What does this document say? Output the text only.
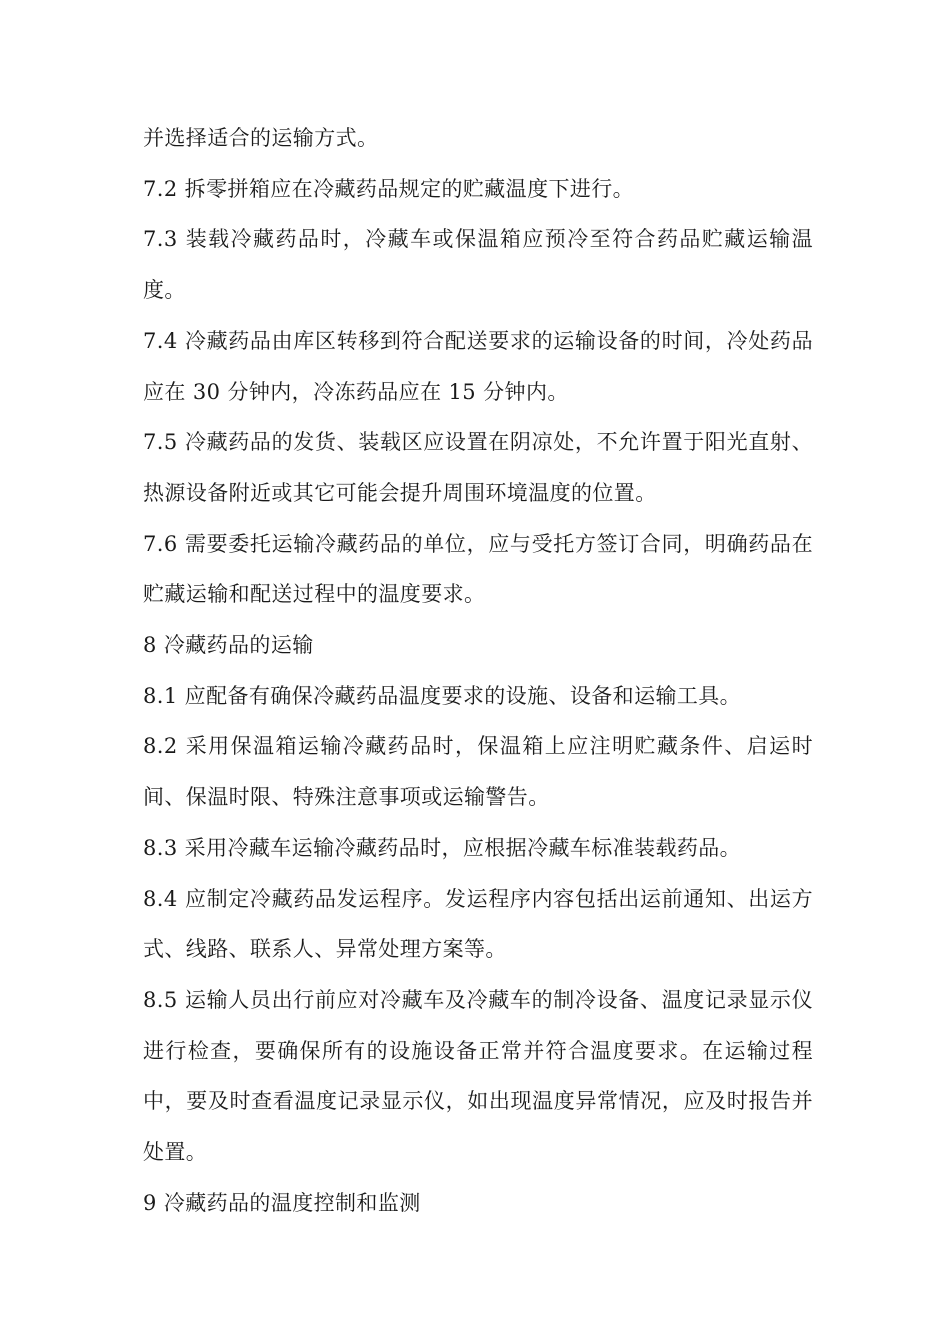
并选择适合的运输方式。

7.2 拆零拼箱应在冷藏药品规定的贮藏温度下进行。

7.3 装载冷藏药品时，冷藏车或保温箱应预冷至符合药品贮藏运输温度。

7.4 冷藏药品由库区转移到符合配送要求的运输设备的时间，冷处药品应在 30 分钟内，冷冻药品应在 15 分钟内。

7.5 冷藏药品的发货、装载区应设置在阴凉处，不允许置于阳光直射、热源设备附近或其它可能会提升周围环境温度的位置。

7.6 需要委托运输冷藏药品的单位，应与受托方签订合同，明确药品在贮藏运输和配送过程中的温度要求。

8 冷藏药品的运输

8.1 应配备有确保冷藏药品温度要求的设施、设备和运输工具。

8.2 采用保温箱运输冷藏药品时，保温箱上应注明贮藏条件、启运时间、保温时限、特殊注意事项或运输警告。

8.3 采用冷藏车运输冷藏药品时，应根据冷藏车标准装载药品。

8.4 应制定冷藏药品发运程序。发运程序内容包括出运前通知、出运方式、线路、联系人、异常处理方案等。

8.5 运输人员出行前应对冷藏车及冷藏车的制冷设备、温度记录显示仪进行检查，要确保所有的设施设备正常并符合温度要求。在运输过程中，要及时查看温度记录显示仪，如出现温度异常情况，应及时报告并处置。

9 冷藏药品的温度控制和监测
